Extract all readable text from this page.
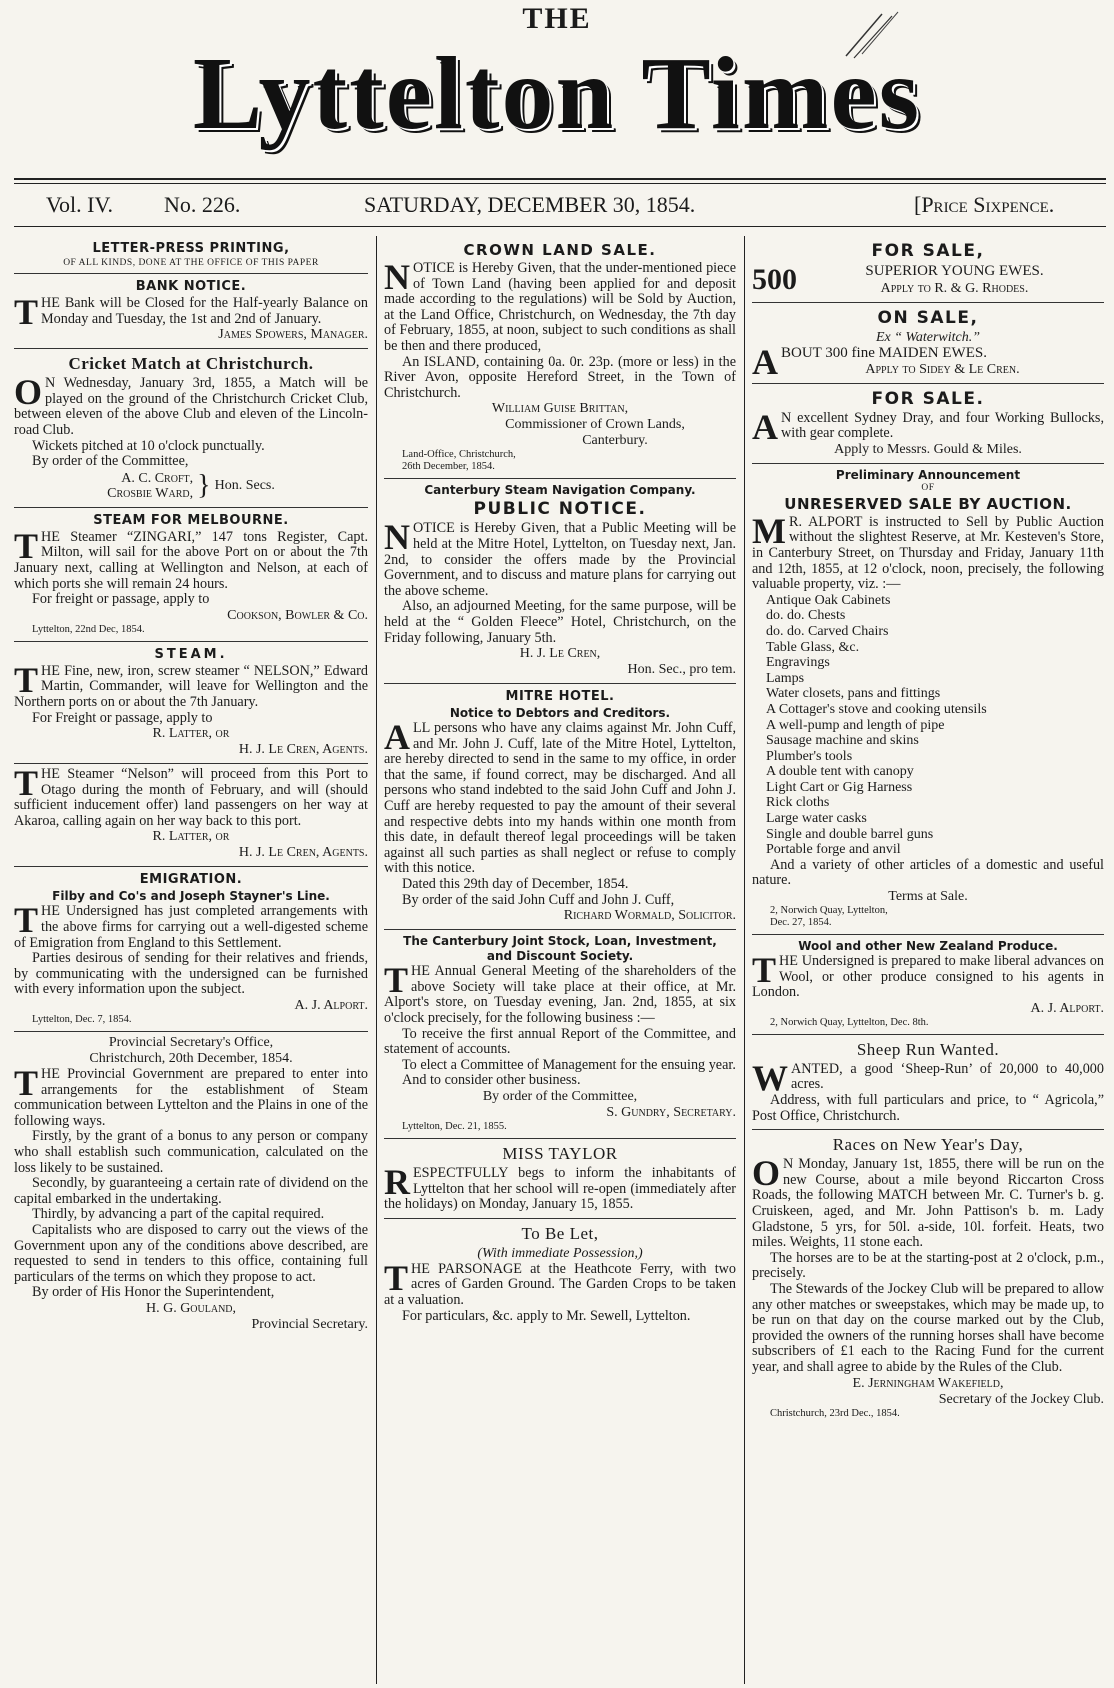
THE
Lyttelton Times
Vol. IV. No. 226.	SATURDAY, DECEMBER 30, 1854.	[Price Sixpence.
LETTER-PRESS PRINTING,
OF ALL KINDS, DONE AT THE OFFICE OF THIS PAPER
BANK NOTICE.

THE Bank will be Closed for the Half-yearly Balance on Monday and Tuesday, the 1st and 2nd of January.

James Spowers, Manager.
Cricket Match at Christchurch.

ON Wednesday, January 3rd, 1855, a Match will be played on the ground of the Christchurch Cricket Club, between eleven of the above Club and eleven of the Lincoln-road Club.

Wickets pitched at 10 o'clock punctually.

By order of the Committee,

A. C. Croft,
Crosbie Ward, } Hon. Secs.
STEAM FOR MELBOURNE.

THE Steamer “ZINGARI,” 147 tons Register, Capt. Milton, will sail for the above Port on or about the 7th January next, calling at Wellington and Nelson, at each of which ports she will remain 24 hours.

For freight or passage, apply to

Cookson, Bowler & Co.
Lyttelton, 22nd Dec, 1854.
STEAM.

THE Fine, new, iron, screw steamer “ NELSON,” Edward Martin, Commander, will leave for Wellington and the Northern ports on or about the 7th January.

For Freight or passage, apply to

R. Latter, or
H. J. Le Cren, Agents.

THE Steamer “Nelson” will proceed from this Port to Otago during the month of February, and will (should sufficient inducement offer) land passengers on her way at Akaroa, calling again on her way back to this port.

R. Latter, or
H. J. Le Cren, Agents.
EMIGRATION.
Filby and Co's and Joseph Stayner's Line.

THE Undersigned has just completed arrangements with the above firms for carrying out a well-digested scheme of Emigration from England to this Settlement.

Parties desirous of sending for their relatives and friends, by communicating with the undersigned can be furnished with every information upon the subject.

A. J. Alport.
Lyttelton, Dec. 7, 1854.
Provincial Secretary's Office,
Christchurch, 20th December, 1854.

THE Provincial Government are prepared to enter into arrangements for the establishment of Steam communication between Lyttelton and the Plains in one of the following ways.

Firstly, by the grant of a bonus to any person or company who shall establish such communication, calculated on the loss likely to be sustained.

Secondly, by guaranteeing a certain rate of dividend on the capital embarked in the undertaking.

Thirdly, by advancing a part of the capital required.

Capitalists who are disposed to carry out the views of the Government upon any of the conditions above described, are requested to send in tenders to this office, containing full particulars of the terms on which they propose to act.

By order of His Honor the Superintendent,

H. G. Gouland,
Provincial Secretary.
CROWN LAND SALE.

NOTICE is Hereby Given, that the under-mentioned piece of Town Land (having been applied for and deposit made according to the regulations) will be Sold by Auction, at the Land Office, Christchurch, on Wednesday, the 7th day of February, 1855, at noon, subject to such conditions as shall be then and there produced,

An ISLAND, containing 0a. 0r. 23p. (more or less) in the River Avon, opposite Hereford Street, in the Town of Christchurch.

William Guise Brittan,
Commissioner of Crown Lands,
Canterbury.
Land-Office, Christchurch,
26th December, 1854.
Canterbury Steam Navigation Company.
PUBLIC NOTICE.

NOTICE is Hereby Given, that a Public Meeting will be held at the Mitre Hotel, Lyttelton, on Tuesday next, Jan. 2nd, to consider the offers made by the Provincial Government, and to discuss and mature plans for carrying out the above scheme.

Also, an adjourned Meeting, for the same purpose, will be held at the “ Golden Fleece” Hotel, Christchurch, on the Friday following, January 5th.

H. J. Le Cren,
Hon. Sec., pro tem.
MITRE HOTEL.
Notice to Debtors and Creditors.

ALL persons who have any claims against Mr. John Cuff, and Mr. John J. Cuff, late of the Mitre Hotel, Lyttelton, are hereby directed to send in the same to my office, in order that the same, if found correct, may be discharged. And all persons who stand indebted to the said John Cuff and John J. Cuff are hereby requested to pay the amount of their several and respective debts into my hands within one month from this date, in default thereof legal proceedings will be taken against all such parties as shall neglect or refuse to comply with this notice.

Dated this 29th day of December, 1854.

By order of the said John Cuff and John J. Cuff,

Richard Wormald, Solicitor.
The Canterbury Joint Stock, Loan, Investment,
and Discount Society.

THE Annual General Meeting of the shareholders of the above Society will take place at their office, at Mr. Alport's store, on Tuesday evening, Jan. 2nd, 1855, at six o'clock precisely, for the following business :—

To receive the first annual Report of the Committee, and statement of accounts.

To elect a Committee of Management for the ensuing year.

And to consider other business.

By order of the Committee,
S. Gundry, Secretary.
Lyttelton, Dec. 21, 1855.
MISS TAYLOR

RESPECTFULLY begs to inform the inhabitants of Lyttelton that her school will re-open (immediately after the holidays) on Monday, January 15, 1855.

To Be Let,
(With immediate Possession,)

THE PARSONAGE at the Heathcote Ferry, with two acres of Garden Ground. The Garden Crops to be taken at a valuation.

For particulars, &c. apply to Mr. Sewell, Lyttelton.

FOR SALE,
500	SUPERIOR YOUNG EWES.
Apply to R. & G. Rhodes.
ON SALE,
Ex “ Waterwitch.”

ABOUT 300 fine MAIDEN EWES.

Apply to Sidey & Le Cren.
FOR SALE.

AN excellent Sydney Dray, and four Working Bullocks, with gear complete.

Apply to Messrs. Gould & Miles.
Preliminary Announcement
OF
UNRESERVED SALE BY AUCTION.

MR. ALPORT is instructed to Sell by Public Auction without the slightest Reserve, at Mr. Kesteven's Store, in Canterbury Street, on Thursday and Friday, January 11th and 12th, 1855, at 12 o'clock, noon, precisely, the following valuable property, viz. :—

Antique Oak Cabinets
do. do. Chests
do. do. Carved Chairs
Table Glass, &c.
Engravings
Lamps
Water closets, pans and fittings
A Cottager's stove and cooking utensils
A well-pump and length of pipe
Sausage machine and skins
Plumber's tools
A double tent with canopy
Light Cart or Gig Harness
Rick cloths
Large water casks
Single and double barrel guns
Portable forge and anvil

And a variety of other articles of a domestic and useful nature.

Terms at Sale.
2, Norwich Quay, Lyttelton,
Dec. 27, 1854.
Wool and other New Zealand Produce.

THE Undersigned is prepared to make liberal advances on Wool, or other produce consigned to his agents in London.

A. J. Alport.
2, Norwich Quay, Lyttelton, Dec. 8th.
Sheep Run Wanted.

WANTED, a good ‘Sheep-Run’ of 20,000 to 40,000 acres.

Address, with full particulars and price, to “ Agricola,” Post Office, Christchurch.

Races on New Year's Day,

ON Monday, January 1st, 1855, there will be run on the new Course, about a mile beyond Riccarton Cross Roads, the following MATCH between Mr. C. Turner's b. g. Cruiskeen, aged, and Mr. John Pattison's b. m. Lady Gladstone, 5 yrs, for 50l. a-side, 10l. forfeit. Heats, two miles. Weights, 11 stone each.

The horses are to be at the starting-post at 2 o'clock, p.m., precisely.

The Stewards of the Jockey Club will be prepared to allow any other matches or sweepstakes, which may be made up, to be run on that day on the course marked out by the Club, provided the owners of the running horses shall have become subscribers of £1 each to the Racing Fund for the current year, and shall agree to abide by the Rules of the Club.

E. Jerningham Wakefield,
Secretary of the Jockey Club.
Christchurch, 23rd Dec., 1854.
